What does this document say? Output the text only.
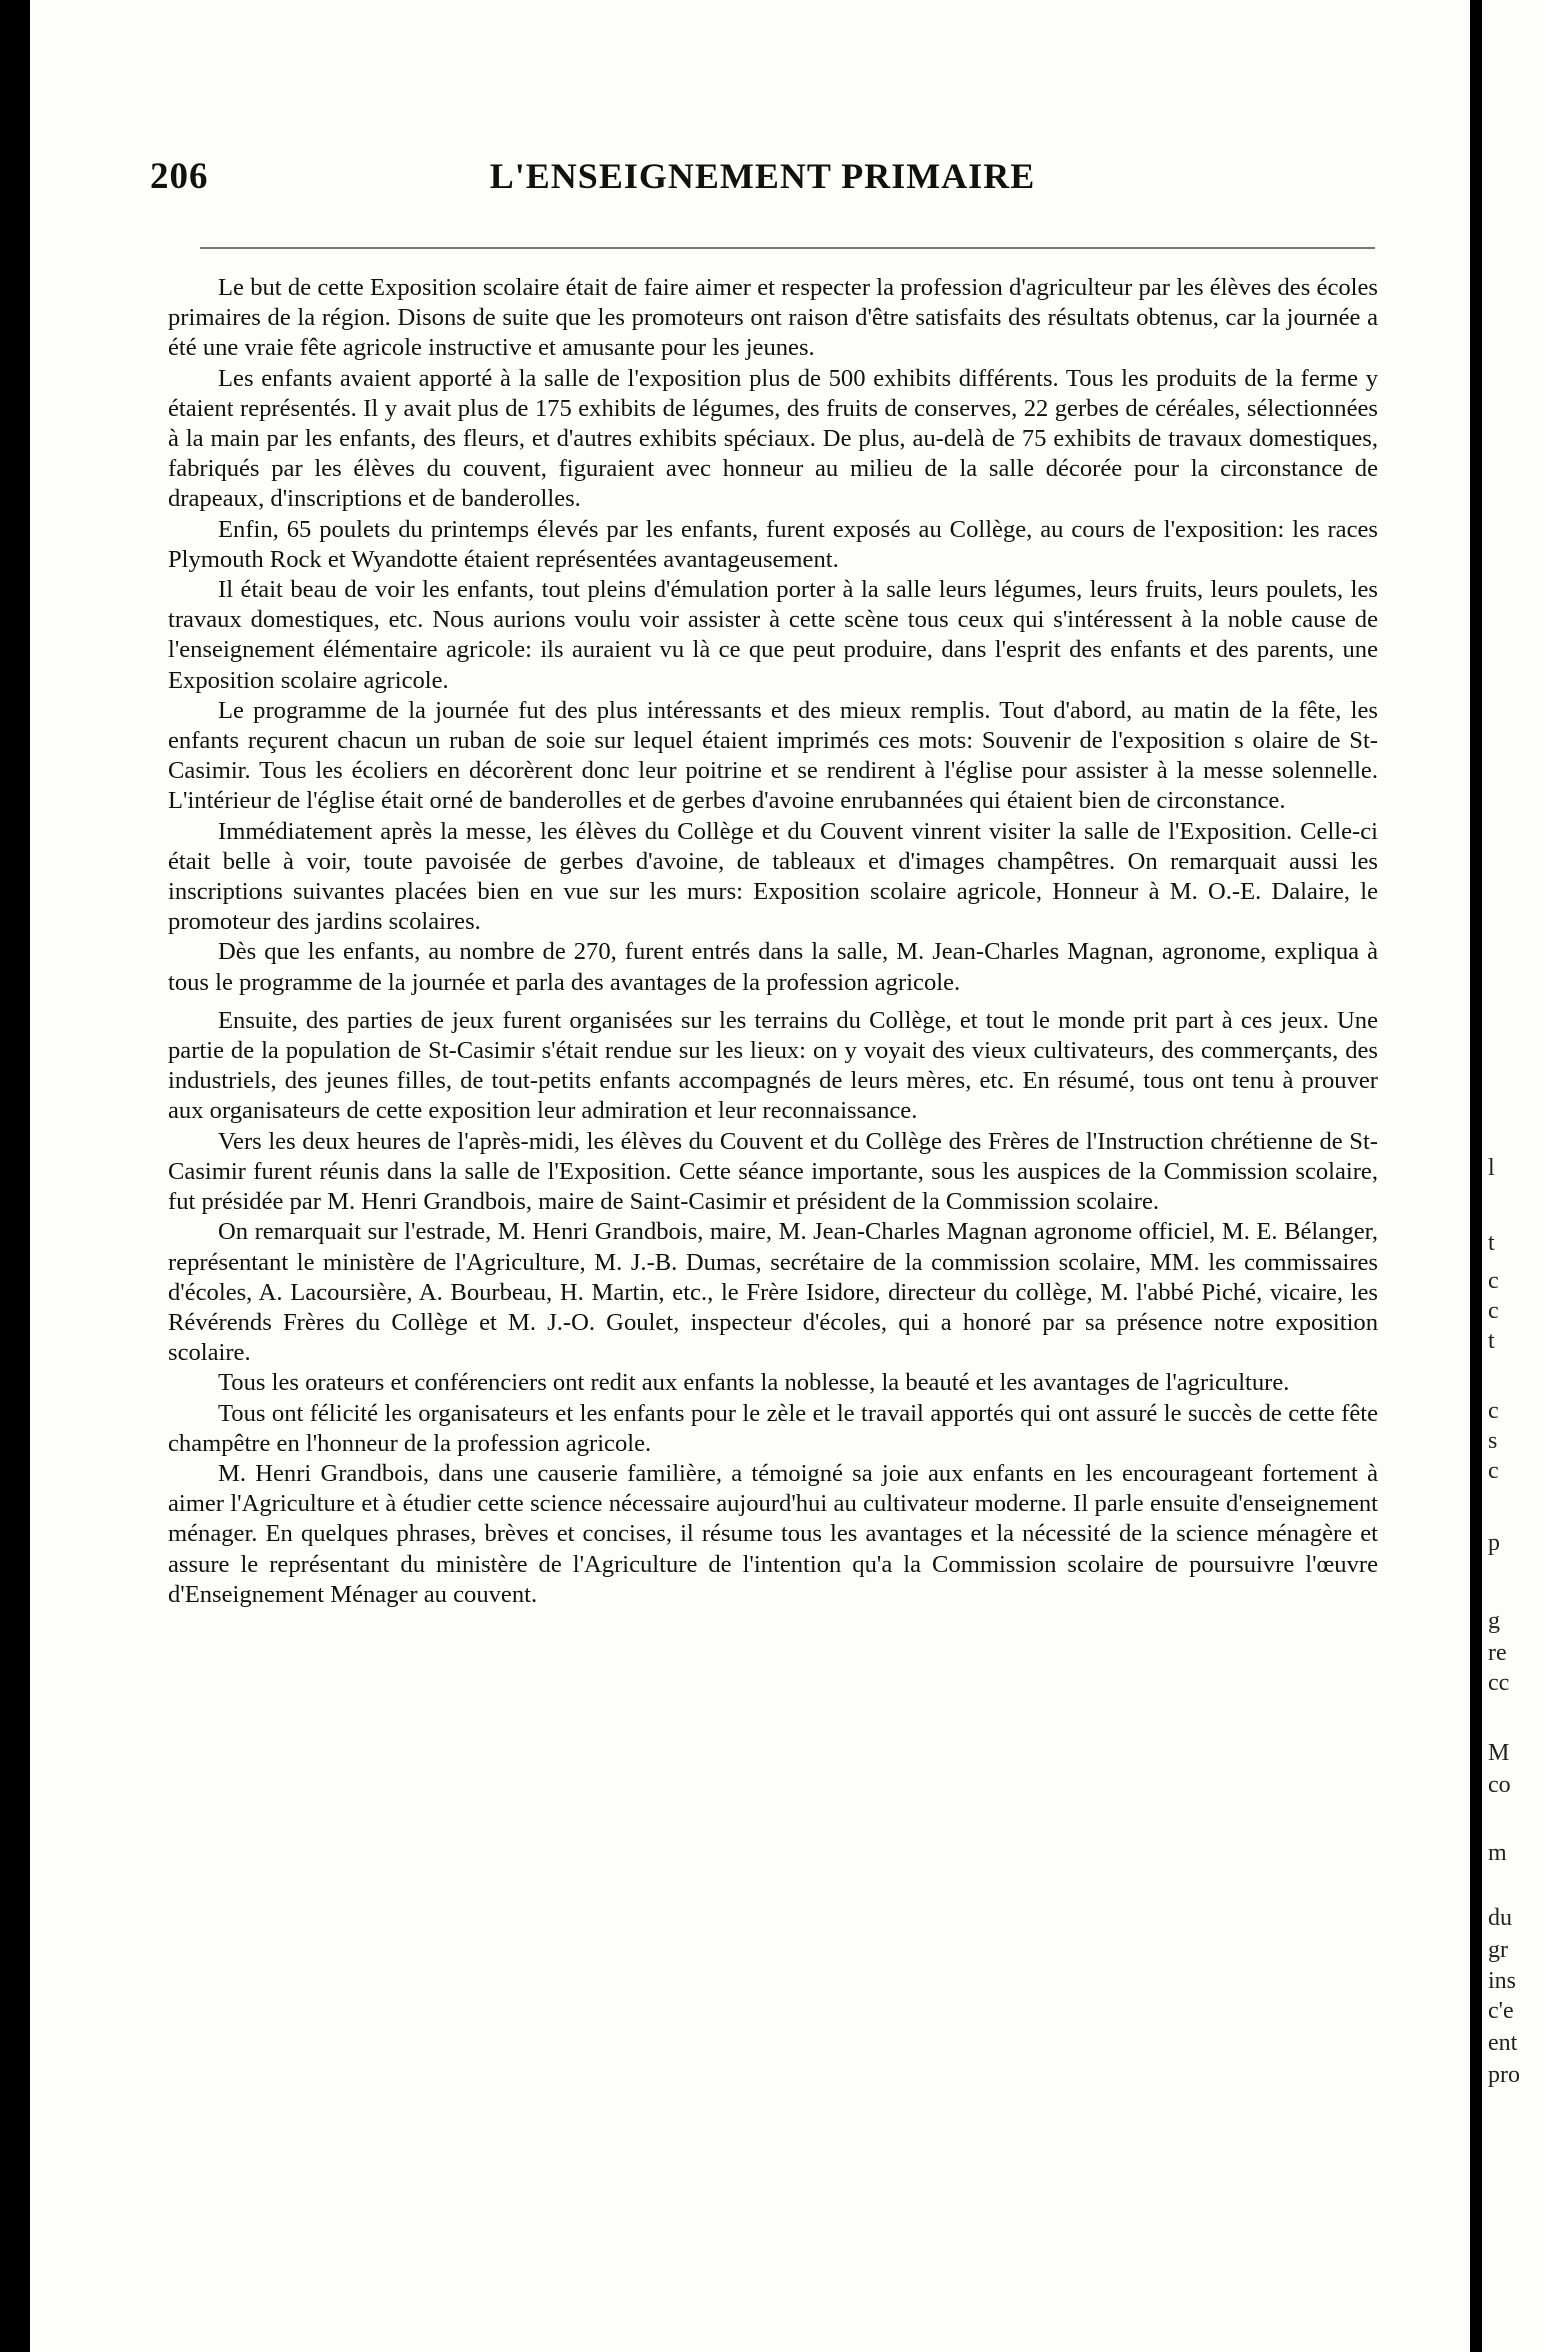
206	L'ENSEIGNEMENT PRIMAIRE

Le but de cette Exposition scolaire était de faire aimer et respecter la profession d'agriculteur par les élèves des écoles primaires de la région. Disons de suite que les promoteurs ont raison d'être satisfaits des résultats obtenus, car la journée a été une vraie fête agricole instructive et amusante pour les jeunes.

Les enfants avaient apporté à la salle de l'exposition plus de 500 exhibits différents. Tous les produits de la ferme y étaient représentés. Il y avait plus de 175 exhibits de légumes, des fruits de conserves, 22 gerbes de céréales, sélectionnées à la main par les enfants, des fleurs, et d'autres exhibits spéciaux. De plus, au-delà de 75 exhibits de travaux domestiques, fabriqués par les élèves du couvent, figuraient avec honneur au milieu de la salle décorée pour la circonstance de drapeaux, d'inscriptions et de banderolles.

Enfin, 65 poulets du printemps élevés par les enfants, furent exposés au Collège, au cours de l'exposition: les races Plymouth Rock et Wyandotte étaient représentées avantageusement.

Il était beau de voir les enfants, tout pleins d'émulation porter à la salle leurs légumes, leurs fruits, leurs poulets, les travaux domestiques, etc. Nous aurions voulu voir assister à cette scène tous ceux qui s'intéressent à la noble cause de l'enseignement élémentaire agricole: ils auraient vu là ce que peut produire, dans l'esprit des enfants et des parents, une Exposition scolaire agricole.

Le programme de la journée fut des plus intéressants et des mieux remplis. Tout d'abord, au matin de la fête, les enfants reçurent chacun un ruban de soie sur lequel étaient imprimés ces mots: Souvenir de l'exposition s olaire de St-Casimir. Tous les écoliers en décorèrent donc leur poitrine et se rendirent à l'église pour assister à la messe solennelle. L'intérieur de l'église était orné de banderolles et de gerbes d'avoine enrubannées qui étaient bien de circonstance.

Immédiatement après la messe, les élèves du Collège et du Couvent vinrent visiter la salle de l'Exposition. Celle-ci était belle à voir, toute pavoisée de gerbes d'avoine, de tableaux et d'images champêtres. On remarquait aussi les inscriptions suivantes placées bien en vue sur les murs: Exposition scolaire agricole, Honneur à M. O.-E. Dalaire, le promoteur des jardins scolaires.

Dès que les enfants, au nombre de 270, furent entrés dans la salle, M. Jean-Charles Magnan, agronome, expliqua à tous le programme de la journée et parla des avantages de la profession agricole.

Ensuite, des parties de jeux furent organisées sur les terrains du Collège, et tout le monde prit part à ces jeux. Une partie de la population de St-Casimir s'était rendue sur les lieux: on y voyait des vieux cultivateurs, des commerçants, des industriels, des jeunes filles, de tout-petits enfants accompagnés de leurs mères, etc. En résumé, tous ont tenu à prouver aux organisateurs de cette exposition leur admiration et leur reconnaissance.

Vers les deux heures de l'après-midi, les élèves du Couvent et du Collège des Frères de l'Instruction chrétienne de St-Casimir furent réunis dans la salle de l'Exposition. Cette séance importante, sous les auspices de la Commission scolaire, fut présidée par M. Henri Grandbois, maire de Saint-Casimir et président de la Commission scolaire.

On remarquait sur l'estrade, M. Henri Grandbois, maire, M. Jean-Charles Magnan agronome officiel, M. E. Bélanger, représentant le ministère de l'Agriculture, M. J.-B. Dumas, secrétaire de la commission scolaire, MM. les commissaires d'écoles, A. Lacoursière, A. Bourbeau, H. Martin, etc., le Frère Isidore, directeur du collège, M. l'abbé Piché, vicaire, les Révérends Frères du Collège et M. J.-O. Goulet, inspecteur d'écoles, qui a honoré par sa présence notre exposition scolaire.

Tous les orateurs et conférenciers ont redit aux enfants la noblesse, la beauté et les avantages de l'agriculture.

Tous ont félicité les organisateurs et les enfants pour le zèle et le travail apportés qui ont assuré le succès de cette fête champêtre en l'honneur de la profession agricole.

M. Henri Grandbois, dans une causerie familière, a témoigné sa joie aux enfants en les encourageant fortement à aimer l'Agriculture et à étudier cette science nécessaire aujourd'hui au cultivateur moderne. Il parle ensuite d'enseignement ménager. En quelques phrases, brèves et concises, il résume tous les avantages et la nécessité de la science ménagère et assure le représentant du ministère de l'Agriculture de l'intention qu'a la Commission scolaire de poursuivre l'œuvre d'Enseignement Ménager au couvent.

l
t
c
c
t
c
s
c
p
g
re
cc
M
co
m
du
gr
ins
c'e
ent
pro
